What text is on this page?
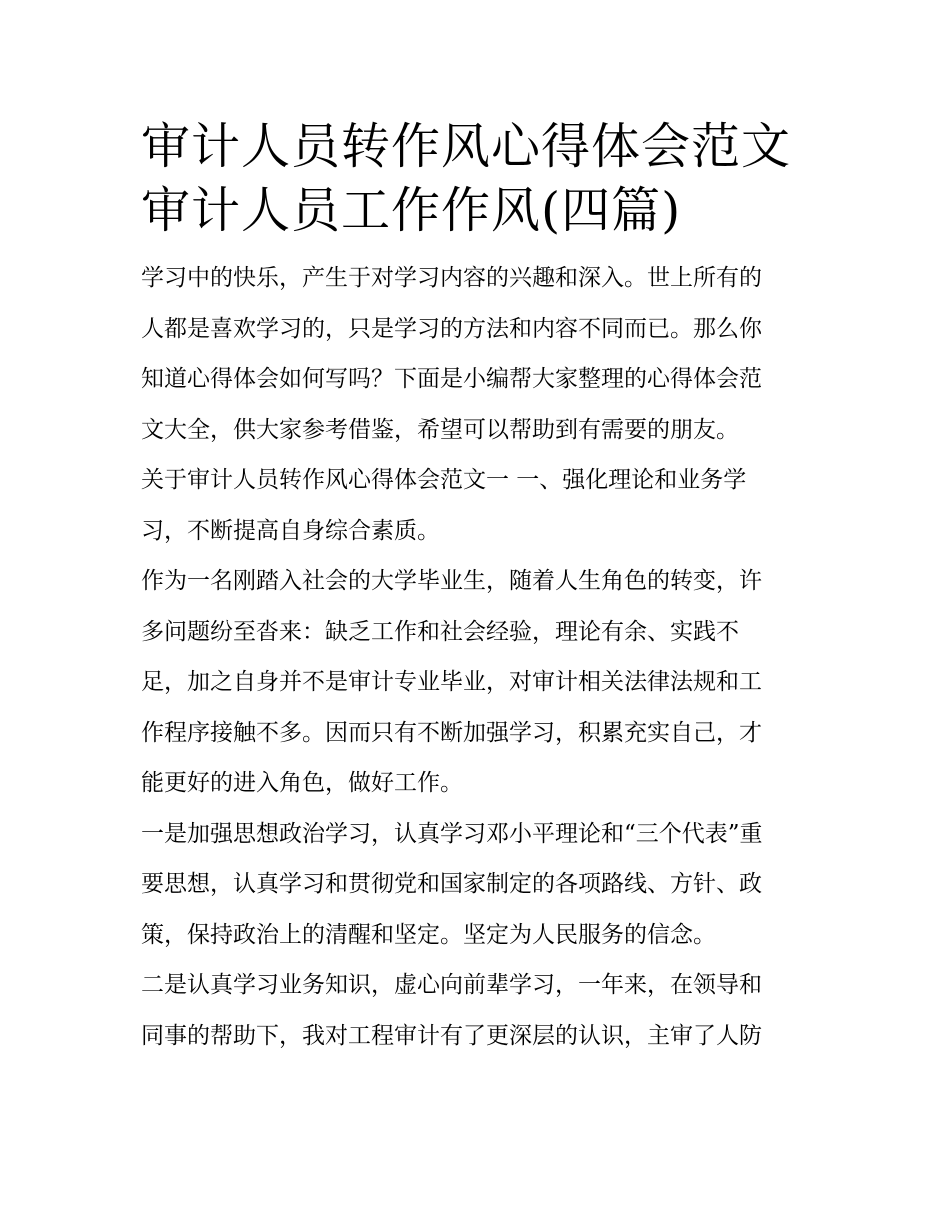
审计人员转作风心得体会范文
审计人员工作作风(四篇)

学习中的快乐，产生于对学习内容的兴趣和深入。世上所有的
人都是喜欢学习的，只是学习的方法和内容不同而已。那么你
知道心得体会如何写吗？下面是小编帮大家整理的心得体会范
文大全，供大家参考借鉴，希望可以帮助到有需要的朋友。

关于审计人员转作风心得体会范文一 一、强化理论和业务学
习，不断提高自身综合素质。

作为一名刚踏入社会的大学毕业生，随着人生角色的转变，许
多问题纷至沓来：缺乏工作和社会经验，理论有余、实践不
足，加之自身并不是审计专业毕业，对审计相关法律法规和工
作程序接触不多。因而只有不断加强学习，积累充实自己，才
能更好的进入角色，做好工作。

一是加强思想政治学习，认真学习邓小平理论和“三个代表”重
要思想，认真学习和贯彻党和国家制定的各项路线、方针、政
策，保持政治上的清醒和坚定。坚定为人民服务的信念。

二是认真学习业务知识，虚心向前辈学习，一年来，在领导和
同事的帮助下，我对工程审计有了更深层的认识，主审了人防
